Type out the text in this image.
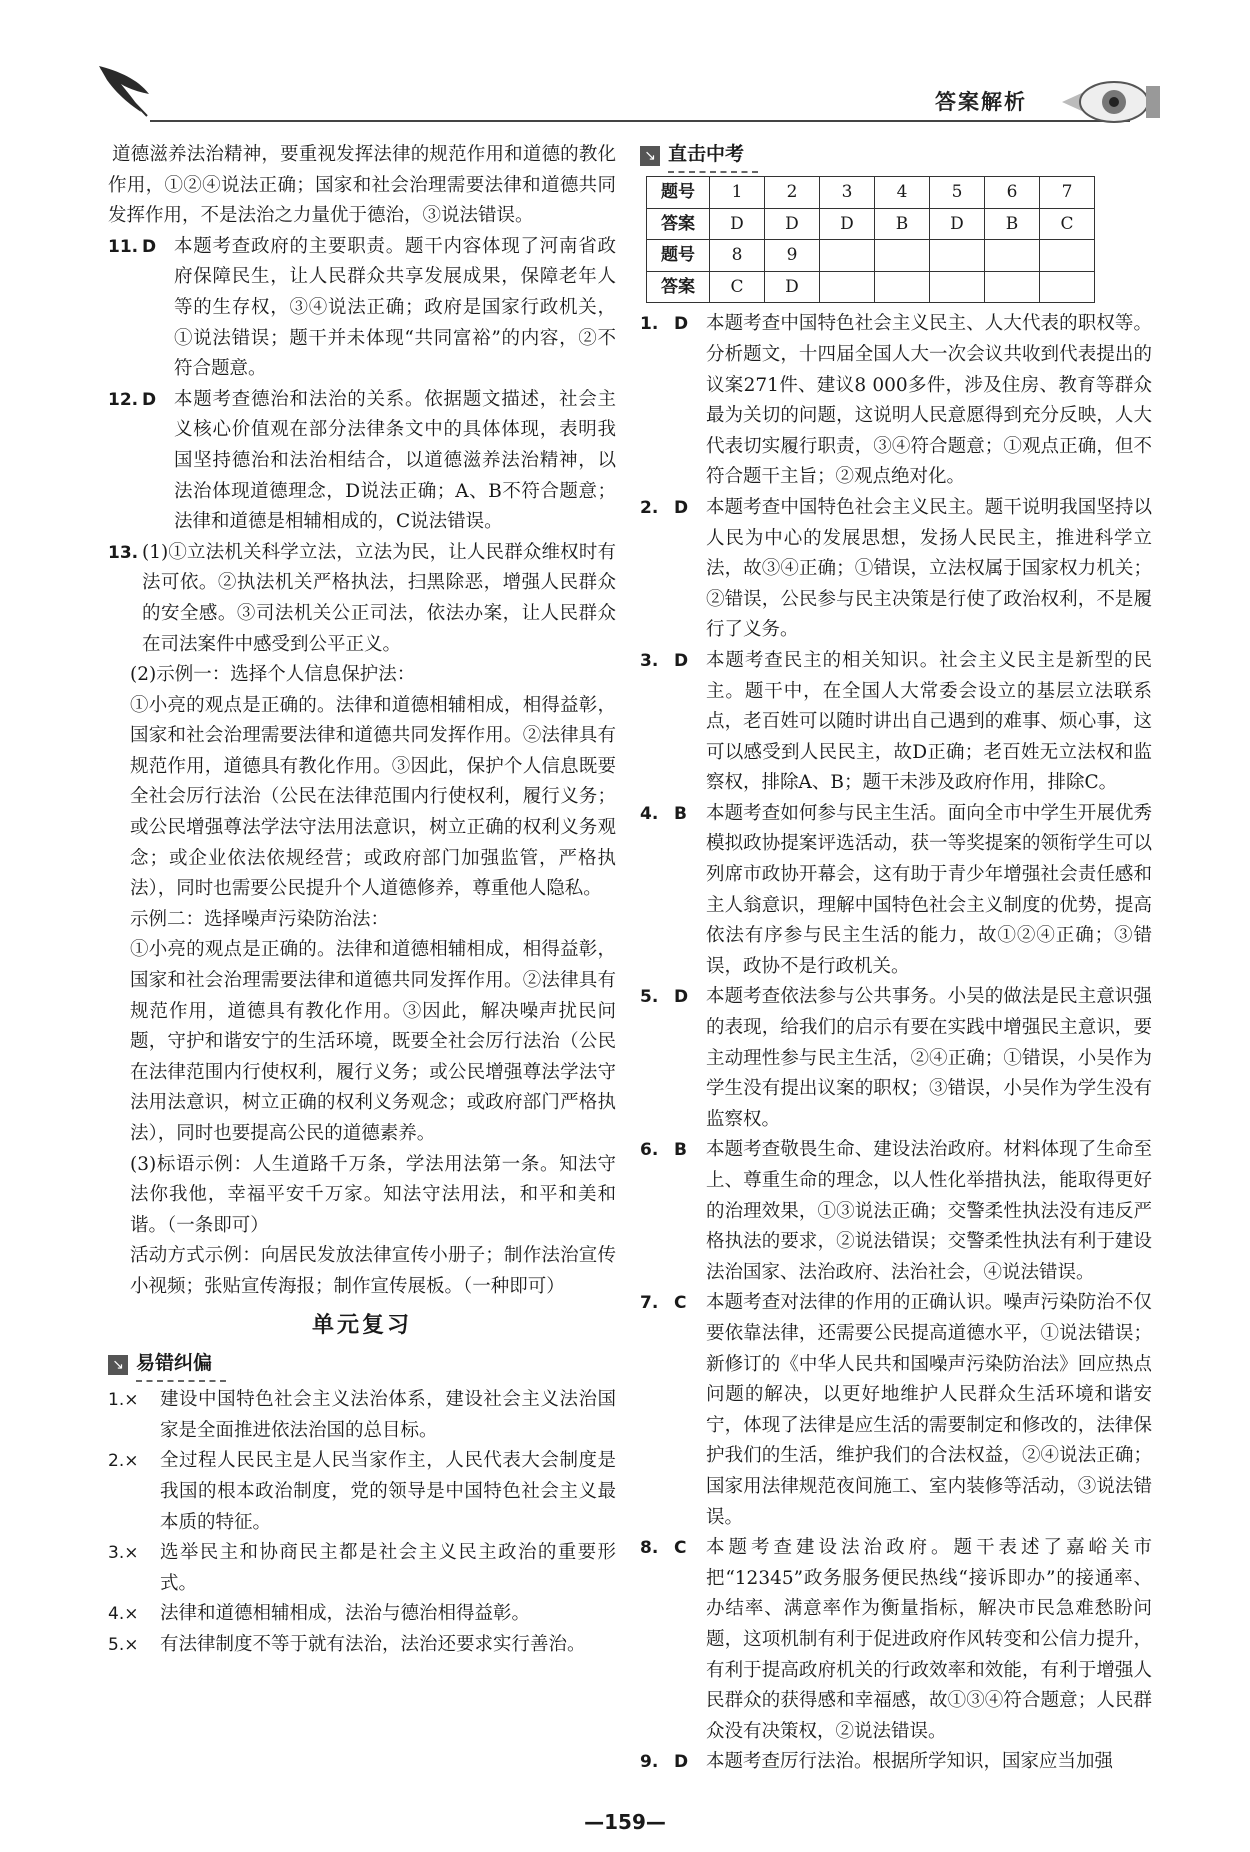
答案解析

道德滋养法治精神，要重视发挥法律的规范作用和道德的教化作用，①②④说法正确；国家和社会治理需要法律和道德共同发挥作用，不是法治之力量优于德治，③说法错误。

11. D 本题考查政府的主要职责。题干内容体现了河南省政府保障民生，让人民群众共享发展成果，保障老年人等的生存权，③④说法正确；政府是国家行政机关，①说法错误；题干并未体现“共同富裕”的内容，②不符合题意。
12. D 本题考查德治和法治的关系。依据题文描述，社会主义核心价值观在部分法律条文中的具体体现，表明我国坚持德治和法治相结合，以道德滋养法治精神，以法治体现道德理念，D说法正确；A、B不符合题意；法律和道德是相辅相成的，C说法错误。
13. (1)①立法机关科学立法，立法为民，让人民群众维权时有法可依。②执法机关严格执法，扫黑除恶，增强人民群众的安全感。③司法机关公正司法，依法办案，让人民群众在司法案件中感受到公平正义。

(2)示例一：选择个人信息保护法：

①小亮的观点是正确的。法律和道德相辅相成，相得益彰，国家和社会治理需要法律和道德共同发挥作用。②法律具有规范作用，道德具有教化作用。③因此，保护个人信息既要全社会厉行法治（公民在法律范围内行使权利，履行义务；或公民增强尊法学法守法用法意识，树立正确的权利义务观念；或企业依法依规经营；或政府部门加强监管，严格执法），同时也需要公民提升个人道德修养，尊重他人隐私。

示例二：选择噪声污染防治法：

①小亮的观点是正确的。法律和道德相辅相成，相得益彰，国家和社会治理需要法律和道德共同发挥作用。②法律具有规范作用，道德具有教化作用。③因此，解决噪声扰民问题，守护和谐安宁的生活环境，既要全社会厉行法治（公民在法律范围内行使权利，履行义务；或公民增强尊法学法守法用法意识，树立正确的权利义务观念；或政府部门严格执法），同时也要提高公民的道德素养。

(3)标语示例：人生道路千万条，学法用法第一条。知法守法你我他，幸福平安千万家。知法守法用法，和平和美和谐。（一条即可）

活动方式示例：向居民发放法律宣传小册子；制作法治宣传小视频；张贴宣传海报；制作宣传展板。（一种即可）

单元复习
↘ 易错纠偏
1.×	建设中国特色社会主义法治体系，建设社会主义法治国家是全面推进依法治国的总目标。
2.×	全过程人民民主是人民当家作主，人民代表大会制度是我国的根本政治制度，党的领导是中国特色社会主义最本质的特征。
3.×	选举民主和协商民主都是社会主义民主政治的重要形式。
4.×	法律和道德相辅相成，法治与德治相得益彰。
5.×	有法律制度不等于就有法治，法治还要求实行善治。
↘ 直击中考
题号	1	2	3	4	5	6	7
答案	D	D	D	B	D	B	C
题号	8	9					
答案	C	D					
1. D 本题考查中国特色社会主义民主、人大代表的职权等。分析题文，十四届全国人大一次会议共收到代表提出的议案271件、建议8 000多件，涉及住房、教育等群众最为关切的问题，这说明人民意愿得到充分反映，人大代表切实履行职责，③④符合题意；①观点正确，但不符合题干主旨；②观点绝对化。
2. D 本题考查中国特色社会主义民主。题干说明我国坚持以人民为中心的发展思想，发扬人民民主，推进科学立法，故③④正确；①错误，立法权属于国家权力机关；②错误，公民参与民主决策是行使了政治权利，不是履行了义务。
3. D 本题考查民主的相关知识。社会主义民主是新型的民主。题干中，在全国人大常委会设立的基层立法联系点，老百姓可以随时讲出自己遇到的难事、烦心事，这可以感受到人民民主，故D正确；老百姓无立法权和监察权，排除A、B；题干未涉及政府作用，排除C。
4. B	本题考查如何参与民主生活。面向全市中学生开展优秀模拟政协提案评选活动，获一等奖提案的领衔学生可以列席市政协开幕会，这有助于青少年增强社会责任感和主人翁意识，理解中国特色社会主义制度的优势，提高依法有序参与民主生活的能力，故①②④正确；③错误，政协不是行政机关。
5. D 本题考查依法参与公共事务。小吴的做法是民主意识强的表现，给我们的启示有要在实践中增强民主意识，要主动理性参与民主生活，②④正确；①错误，小吴作为学生没有提出议案的职权；③错误，小吴作为学生没有监察权。
6. B	本题考查敬畏生命、建设法治政府。材料体现了生命至上、尊重生命的理念，以人性化举措执法，能取得更好的治理效果，①③说法正确；交警柔性执法没有违反严格执法的要求，②说法错误；交警柔性执法有利于建设法治国家、法治政府、法治社会，④说法错误。
7. C	本题考查对法律的作用的正确认识。噪声污染防治不仅要依靠法律，还需要公民提高道德水平，①说法错误；新修订的《中华人民共和国噪声污染防治法》回应热点问题的解决，以更好地维护人民群众生活环境和谐安宁，体现了法律是应生活的需要制定和修改的，法律保护我们的生活，维护我们的合法权益，②④说法正确；国家用法律规范夜间施工、室内装修等活动，③说法错误。
8. C	本题考查建设法治政府。题干表述了嘉峪关市把“12345”政务服务便民热线“接诉即办”的接通率、办结率、满意率作为衡量指标，解决市民急难愁盼问题，这项机制有利于促进政府作风转变和公信力提升，有利于提高政府机关的行政效率和效能，有利于增强人民群众的获得感和幸福感，故①③④符合题意；人民群众没有决策权，②说法错误。
9. D 本题考查厉行法治。根据所学知识，国家应当加强
—159—
